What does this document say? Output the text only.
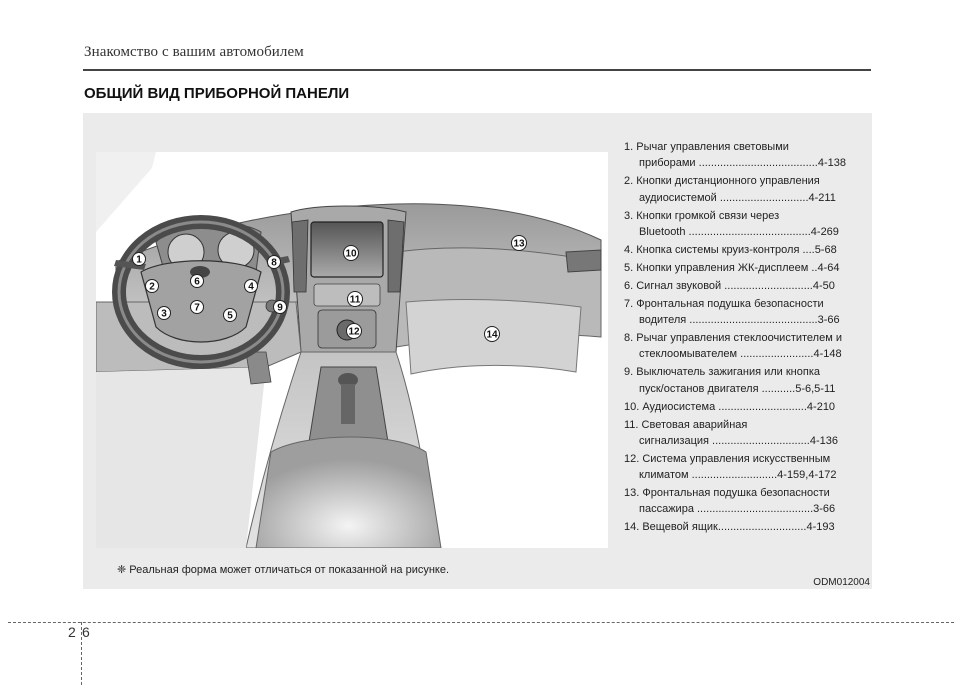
Знакомство с вашим автомобилем
ОБЩИЙ ВИД ПРИБОРНОЙ ПАНЕЛИ
1
2
3
4
5
6
7
8
9
10
11
12
13
14
1. Рычаг управления световыми
приборами .......................................4-138
2. Кнопки дистанционного управления
аудиосистемой .............................4-211
3. Кнопки громкой связи через
Bluetooth ........................................4-269
4. Кнопка системы круиз-контроля ....5-68
5. Кнопки управления ЖК-дисплеем ..4-64
6. Сигнал звуковой .............................4-50
7. Фронтальная подушка безопасности
водителя ..........................................3-66
8. Рычаг управления стеклоочистителем и
стеклоомывателем ........................4-148
9. Выключатель зажигания или кнопка
пуск/останов двигателя ...........5-6,5-11
10. Аудиосистема .............................4-210
11. Световая аварийная
сигнализация ................................4-136
12. Система управления искусственным
климатом ............................4-159,4-172
13. Фронтальная подушка безопасности
пассажира ......................................3-66
14. Вещевой ящик.............................4-193
❈ Реальная форма может отличаться от показанной на рисунке.
ODM012004
2 6
